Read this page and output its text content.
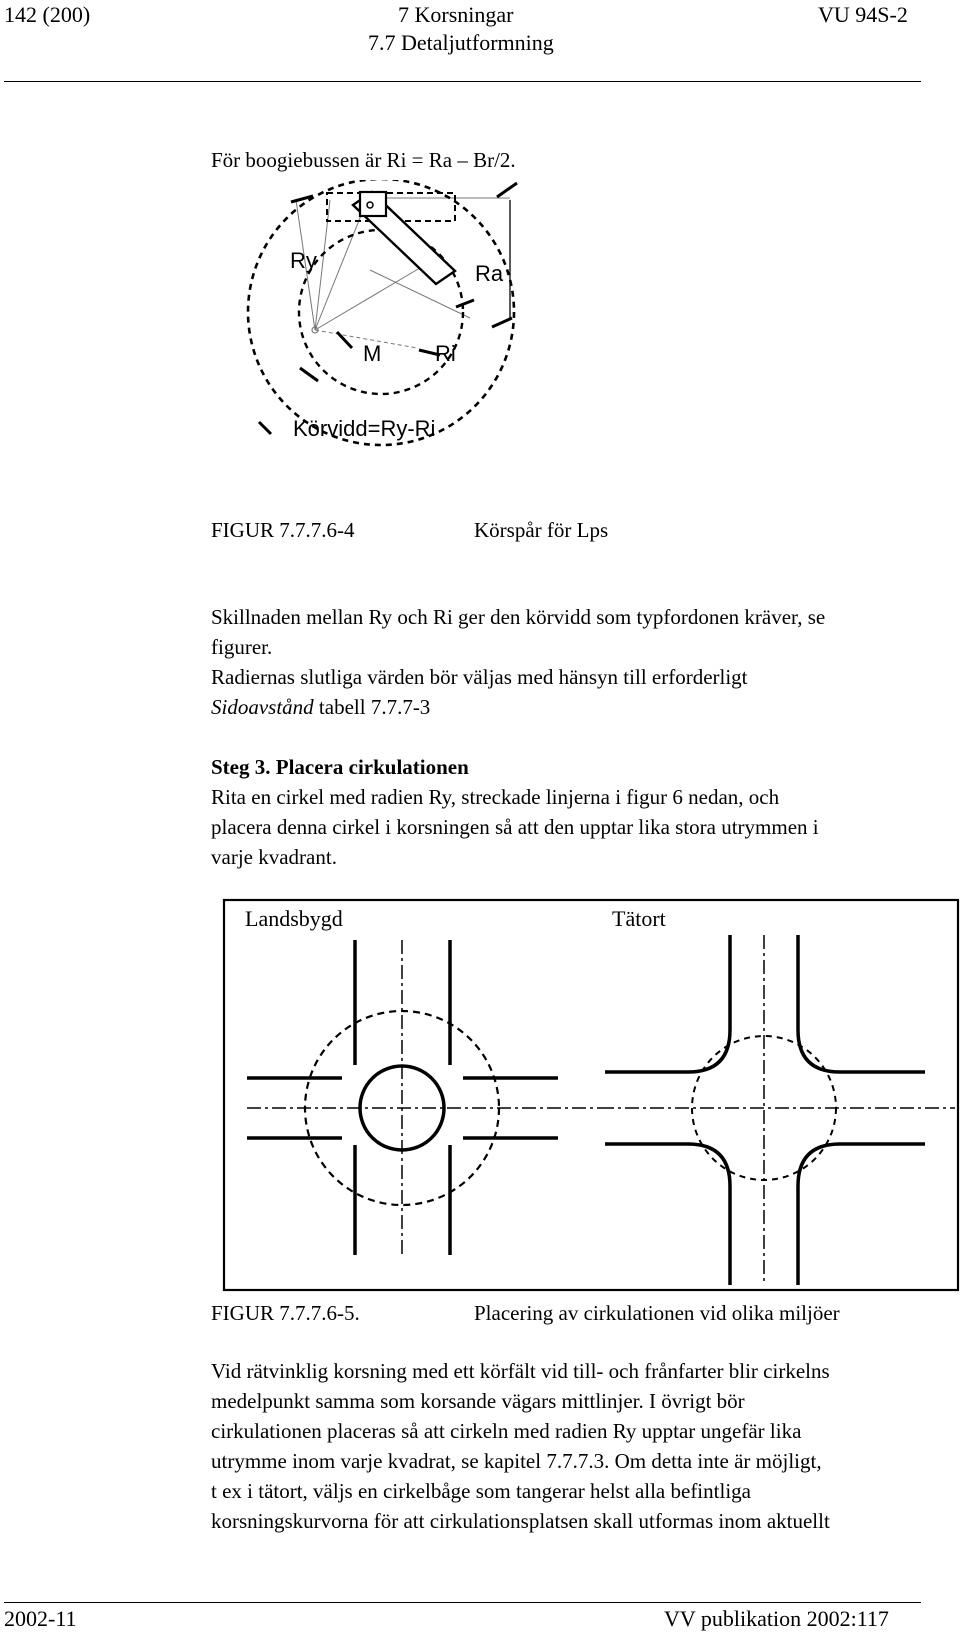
142 (200)	7 Korsningar
7.7 Detaljutformning
VU 94S-2
För boogiebussen är Ri = Ra – Br/2.
Ry
Ra
M Ri
Körvidd=Ry-Ri
FIGUR 7.7.7.6-4	Körspår för Lps

Skillnaden mellan Ry och Ri ger den körvidd som typfordonen kräver, se

figurer.

Radiernas slutliga värden bör väljas med hänsyn till erforderligt

Sidoavstånd tabell 7.7.7-3

Steg 3. Placera cirkulationen

Rita en cirkel med radien Ry, streckade linjerna i figur 6 nedan, och

placera denna cirkel i korsningen så att den upptar lika stora utrymmen i

varje kvadrant.

Landsbygd	Tätort
FIGUR 7.7.7.6-5.	Placering av cirkulationen vid olika miljöer

Vid rätvinklig korsning med ett körfält vid till- och frånfarter blir cirkelns

medelpunkt samma som korsande vägars mittlinjer. I övrigt bör

cirkulationen placeras så att cirkeln med radien Ry upptar ungefär lika

utrymme inom varje kvadrat, se kapitel 7.7.7.3. Om detta inte är möjligt,

t ex i tätort, väljs en cirkelbåge som tangerar helst alla befintliga

korsningskurvorna för att cirkulationsplatsen skall utformas inom aktuellt

2002-11	VV publikation 2002:117
